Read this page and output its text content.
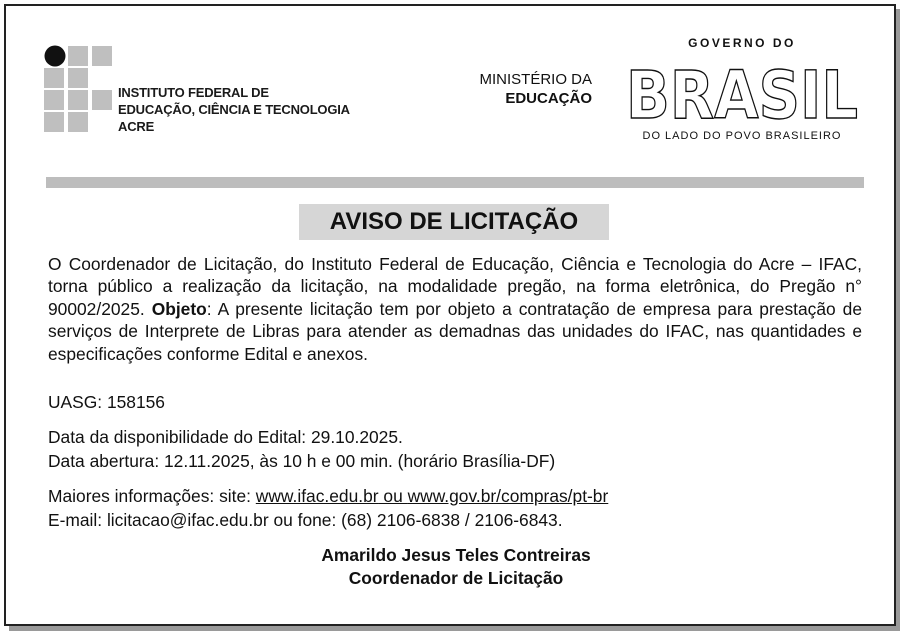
INSTITUTO FEDERAL DE
EDUCAÇÃO, CIÊNCIA E TECNOLOGIA
ACRE
MINISTÉRIO DA
EDUCAÇÃO
GOVERNO DO
BRASIL
DO LADO DO POVO BRASILEIRO
AVISO DE LICITAÇÃO

O Coordenador de Licitação, do Instituto Federal de Educação, Ciência e Tecnologia do Acre – IFAC, torna público a realização da licitação, na modalidade pregão, na forma eletrônica, do Pregão n° 90002/2025. Objeto: A presente licitação tem por objeto a contratação de empresa para prestação de serviços de Interprete de Libras para atender as demadnas das unidades do IFAC, nas quantidades e especificações conforme Edital e anexos.

UASG: 158156
Data da disponibilidade do Edital: 29.10.2025.
Data abertura: 12.11.2025, às 10 h e 00 min. (horário Brasília-DF)
Maiores informações: site: www.ifac.edu.br ou www.gov.br/compras/pt-br
E-mail: licitacao@ifac.edu.br ou fone: (68) 2106-6838 / 2106-6843.
Amarildo Jesus Teles Contreiras
Coordenador de Licitação
